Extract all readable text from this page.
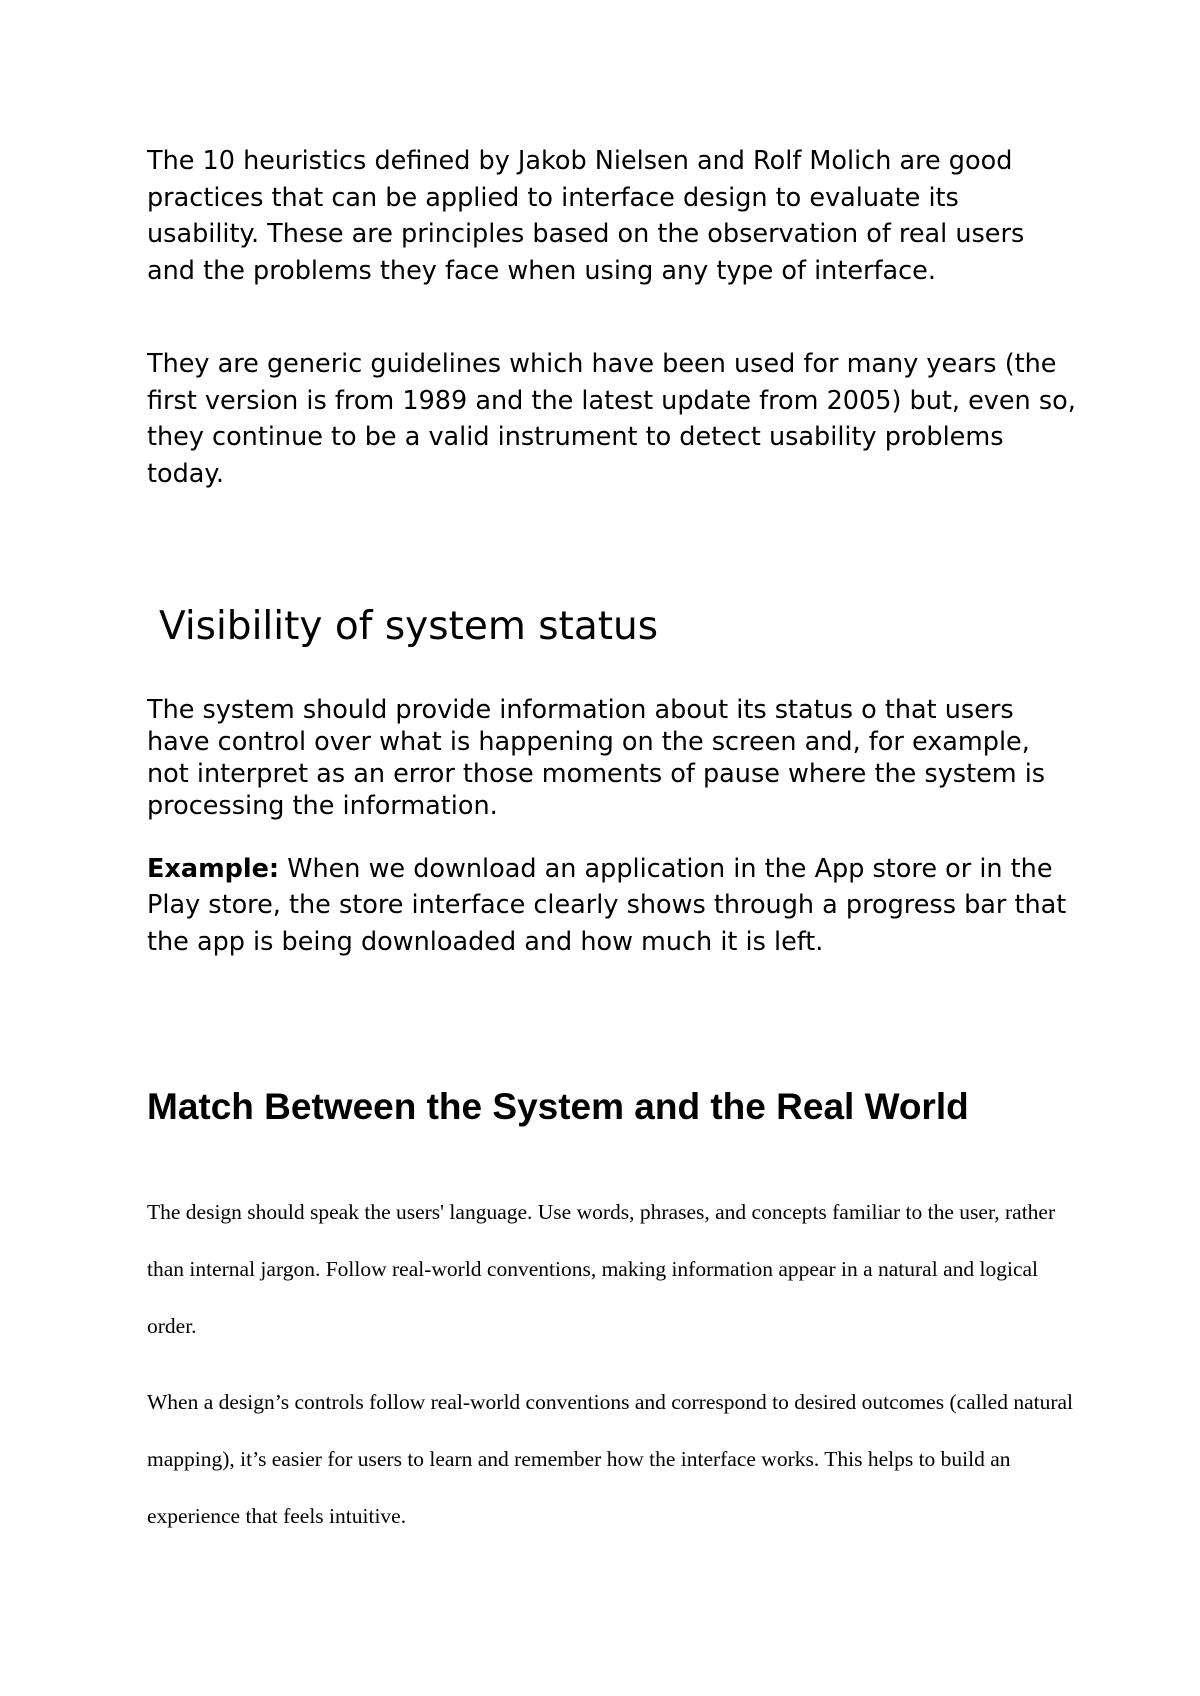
The 10 heuristics defined by Jakob Nielsen and Rolf Molich are good practices that can be applied to interface design to evaluate its usability. These are principles based on the observation of real users and the problems they face when using any type of interface.

They are generic guidelines which have been used for many years (the first version is from 1989 and the latest update from 2005) but, even so, they continue to be a valid instrument to detect usability problems today.

Visibility of system status

The system should provide information about its status o that users have control over what is happening on the screen and, for example, not interpret as an error those moments of pause where the system is processing the information.

Example: When we download an application in the App store or in the Play store, the store interface clearly shows through a progress bar that the app is being downloaded and how much it is left.

Match Between the System and the Real World

The design should speak the users' language. Use words, phrases, and concepts familiar to the user, rather than internal jargon. Follow real-world conventions, making information appear in a natural and logical order.

When a design’s controls follow real-world conventions and correspond to desired outcomes (called natural mapping), it’s easier for users to learn and remember how the interface works. This helps to build an experience that feels intuitive.
